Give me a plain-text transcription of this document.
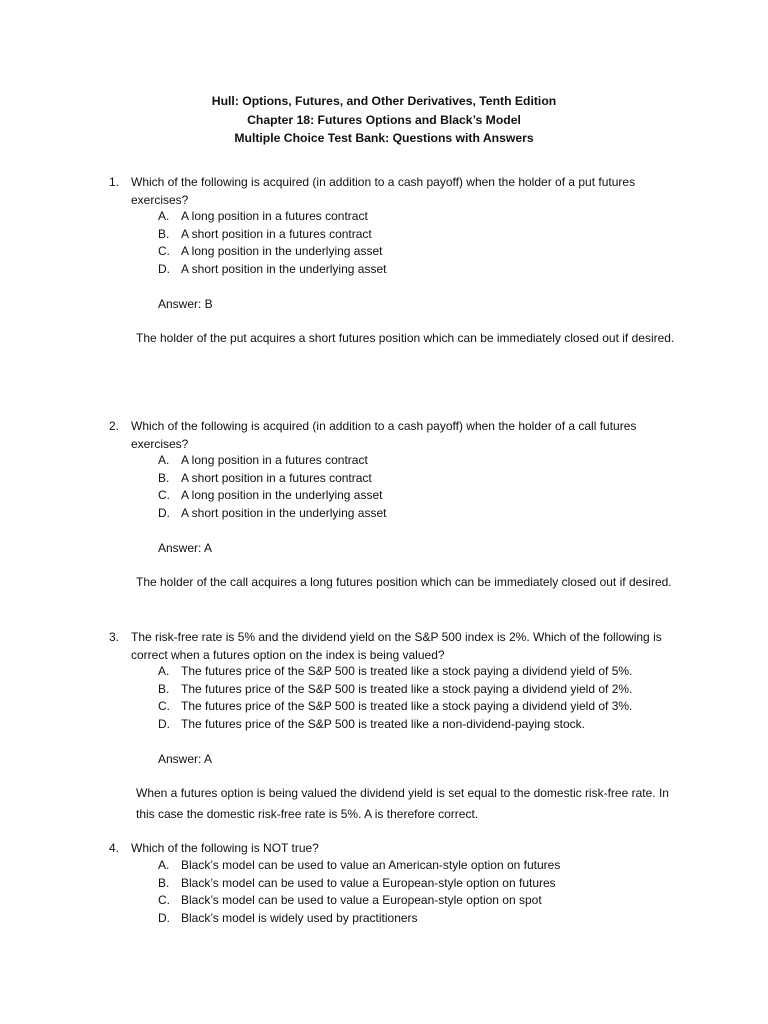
Hull: Options, Futures, and Other Derivatives, Tenth Edition
Chapter 18: Futures Options and Black’s Model
Multiple Choice Test Bank: Questions with Answers
1. Which of the following is acquired (in addition to a cash payoff) when the holder of a put futures exercises?
A. A long position in a futures contract
B. A short position in a futures contract
C. A long position in the underlying asset
D. A short position in the underlying asset
Answer: B
The holder of the put acquires a short futures position which can be immediately closed out if desired.
2. Which of the following is acquired (in addition to a cash payoff) when the holder of a call futures exercises?
A. A long position in a futures contract
B. A short position in a futures contract
C. A long position in the underlying asset
D. A short position in the underlying asset
Answer: A
The holder of the call acquires a long futures position which can be immediately closed out if desired.
3. The risk-free rate is 5% and the dividend yield on the S&P 500 index is 2%. Which of the following is correct when a futures option on the index is being valued?
A. The futures price of the S&P 500 is treated like a stock paying a dividend yield of 5%.
B. The futures price of the S&P 500 is treated like a stock paying a dividend yield of 2%.
C. The futures price of the S&P 500 is treated like a stock paying a dividend yield of 3%.
D. The futures price of the S&P 500 is treated like a non-dividend-paying stock.
Answer: A
When a futures option is being valued the dividend yield is set equal to the domestic risk-free rate. In this case the domestic risk-free rate is 5%. A is therefore correct.
4. Which of the following is NOT true?
A. Black’s model can be used to value an American-style option on futures
B. Black’s model can be used to value a European-style option on futures
C. Black’s model can be used to value a European-style option on spot
D. Black’s model is widely used by practitioners
